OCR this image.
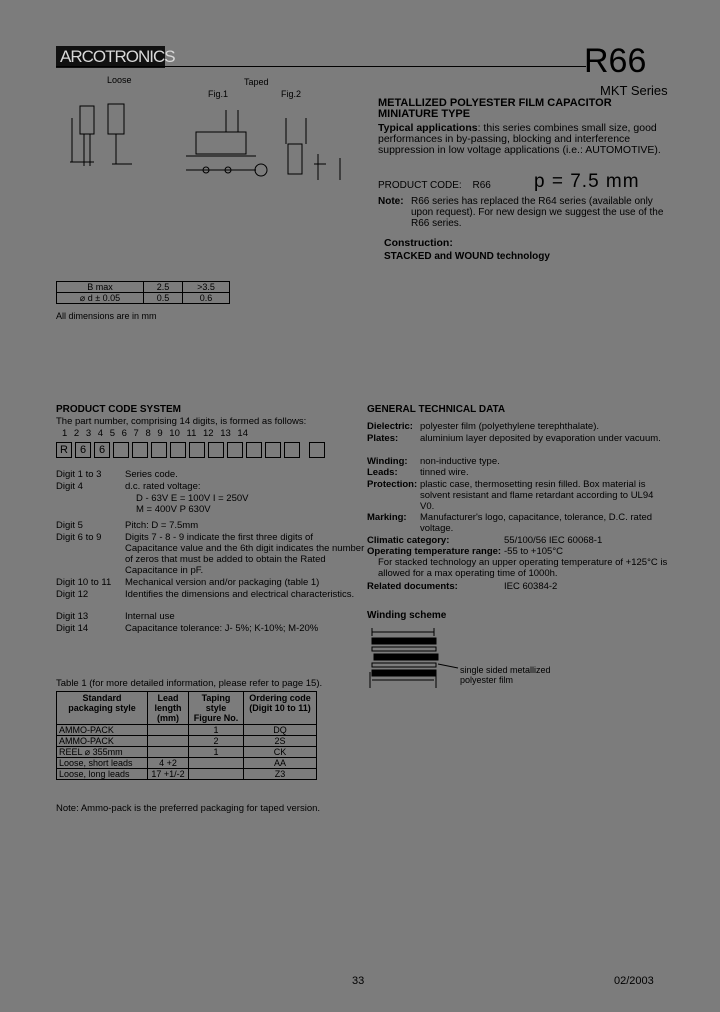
ARCOTRONICS	R66
MKT Series
METALLIZED POLYESTER FILM CAPACITOR
MINIATURE TYPE
Loose	Taped
Fig.1	Fig.2
Typical applications: this series combines small size, good performances in by-passing, blocking and interference suppression in low voltage applications (i.e.: AUTOMOTIVE).
PRODUCT CODE: R66 p = 7.5 mm
Note: R66 series has replaced the R64 series (available only upon request). For new design we suggest the use of the R66 series.
Construction:
STACKED and WOUND technology
B max	2.5	>3.5
⌀ d ± 0.05	0.5	0.6
All dimensions are in mm
PRODUCT CODE SYSTEM
The part number, comprising 14 digits, is formed as follows:
1 2 3 4 5 6 7 8 9 10 11 12 13 14
R 6 6
Digit 1 to 3 Series code.
Digit 4	d.c. rated voltage:
D - 63V E = 100V I = 250V
M = 400V P 630V
Digit 5	Pitch: D = 7.5mm
Digit 6 to 9 Digits 7 - 8 - 9 indicate the first three digits of Capacitance value and the 6th digit indicates the number of zeros that must be added to obtain the Rated Capacitance in pF.
Digit 10 to 11 Mechanical version and/or packaging (table 1)
Digit 12	Identifies the dimensions and electrical characteristics.
Digit 13	Internal use
Digit 14	Capacitance tolerance: J- 5%; K-10%; M-20%
Table 1 (for more detailed information, please refer to page 15).
Standard packaging style	Lead length (mm)	Taping style Figure No.	Ordering code (Digit 10 to 11)
AMMO-PACK		1	DQ
AMMO-PACK		2	2S
REEL ⌀ 355mm		1	CK
Loose, short leads	4 +2		AA
Loose, long leads	17 +1/-2		Z3
Note: Ammo-pack is the preferred packaging for taped version.
GENERAL TECHNICAL DATA
Dielectric: polyester film (polyethylene terephthalate).
Plates: aluminium layer deposited by evaporation under vacuum.
Winding: non-inductive type.
Leads: tinned wire.
Protection: plastic case, thermosetting resin filled. Box material is solvent resistant and flame retardant according to UL94 V0.
Marking: Manufacturer's logo, capacitance, tolerance, D.C. rated voltage.
Climatic category:	55/100/56 IEC 60068-1
Operating temperature range: -55 to +105°C
For stacked technology an upper operating temperature of +125°C is allowed for a max operating time of 1000h.
Related documents:	IEC 60384-2
Winding scheme
single sided metallized polyester film
33	02/2003
